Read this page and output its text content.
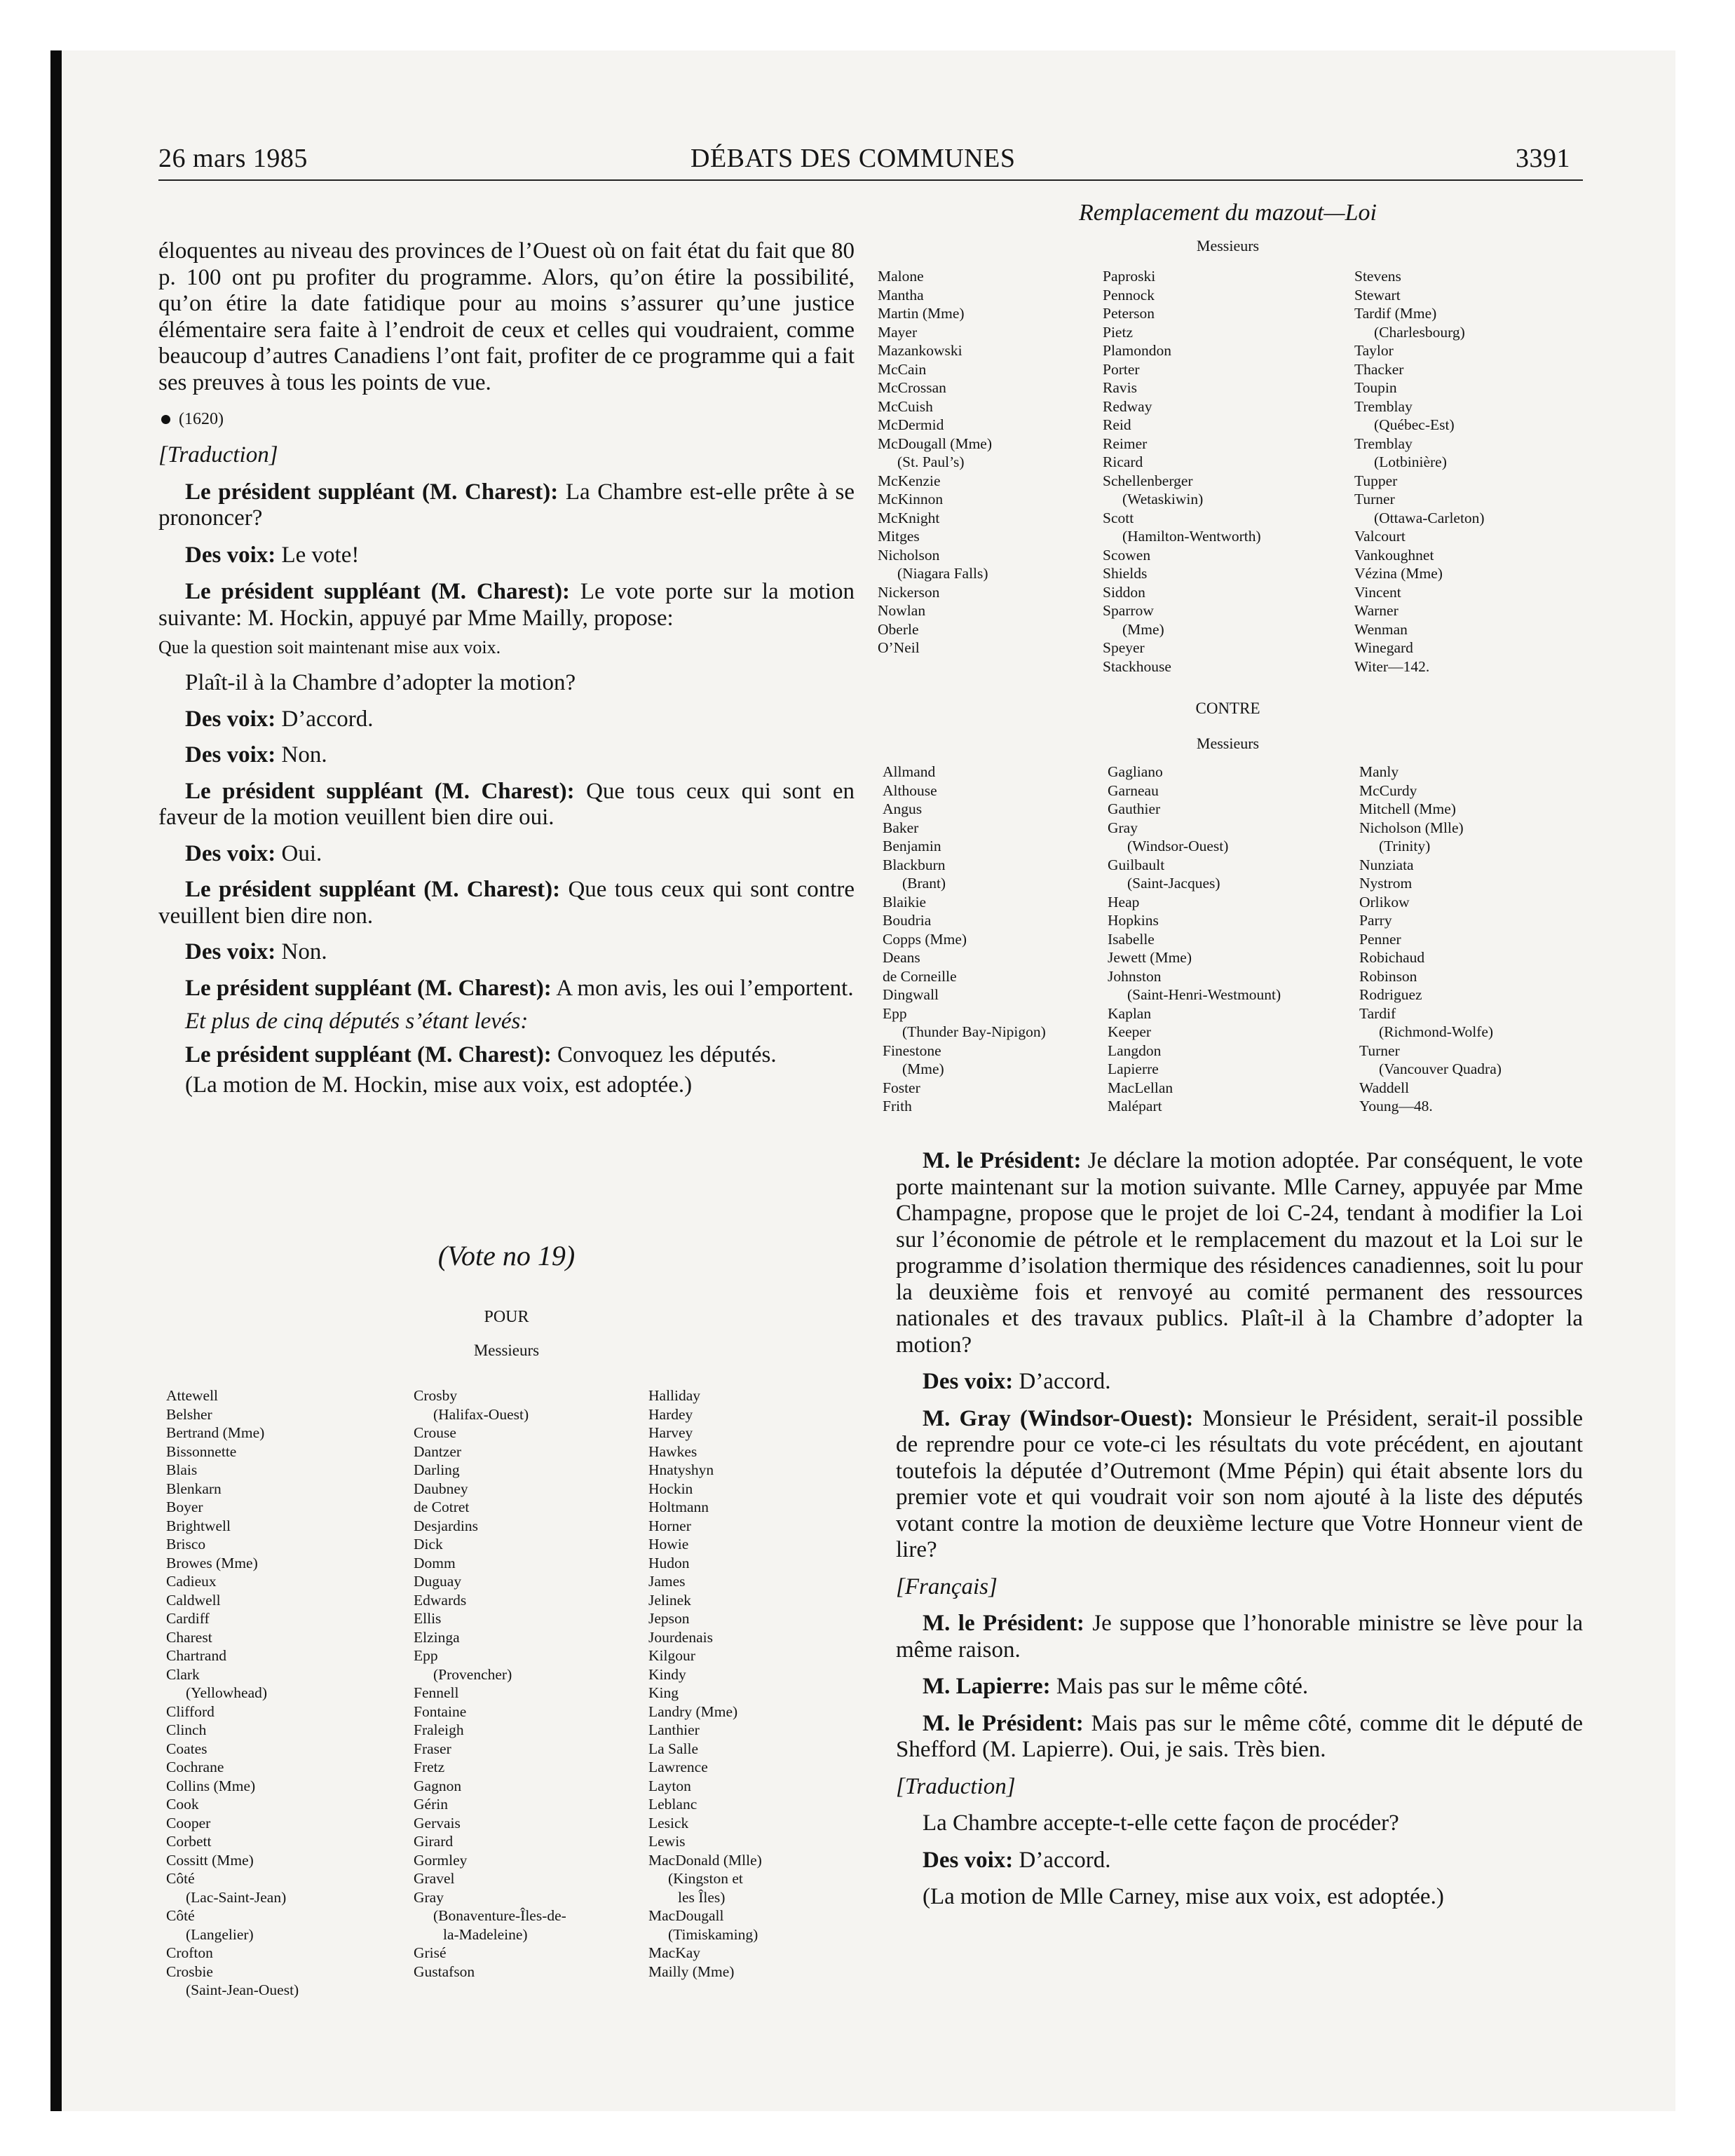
26 mars 1985	DÉBATS DES COMMUNES	3391

éloquentes au niveau des provinces de l’Ouest où on fait état du fait que 80 p. 100 ont pu profiter du programme. Alors, qu’on étire la possibilité, qu’on étire la date fatidique pour au moins s’assurer qu’une justice élémentaire sera faite à l’endroit de ceux et celles qui voudraient, comme beaucoup d’autres Canadiens l’ont fait, profiter de ce programme qui a fait ses preuves à tous les points de vue.

(1620)

[Traduction]

Le président suppléant (M. Charest): La Chambre est-elle prête à se prononcer?

Des voix: Le vote!

Le président suppléant (M. Charest): Le vote porte sur la motion suivante: M. Hockin, appuyé par Mme Mailly, propose:

Que la question soit maintenant mise aux voix.

Plaît-il à la Chambre d’adopter la motion?

Des voix: D’accord.

Des voix: Non.

Le président suppléant (M. Charest): Que tous ceux qui sont en faveur de la motion veuillent bien dire oui.

Des voix: Oui.

Le président suppléant (M. Charest): Que tous ceux qui sont contre veuillent bien dire non.

Des voix: Non.

Le président suppléant (M. Charest): A mon avis, les oui l’emportent.

Et plus de cinq députés s’étant levés:

Le président suppléant (M. Charest): Convoquez les députés.

(La motion de M. Hockin, mise aux voix, est adoptée.)

(Vote no 19)
POUR
Messieurs
Attewell
Belsher
Bertrand (Mme)
Bissonnette
Blais
Blenkarn
Boyer
Brightwell
Brisco
Browes (Mme)
Cadieux
Caldwell
Cardiff
Charest
Chartrand
Clark
(Yellowhead)
Clifford
Clinch
Coates
Cochrane
Collins (Mme)
Cook
Cooper
Corbett
Cossitt (Mme)
Côté
(Lac-Saint-Jean)
Côté
(Langelier)
Crofton
Crosbie
(Saint-Jean-Ouest)
Crosby
(Halifax-Ouest)
Crouse
Dantzer
Darling
Daubney
de Cotret
Desjardins
Dick
Domm
Duguay
Edwards
Ellis
Elzinga
Epp
(Provencher)
Fennell
Fontaine
Fraleigh
Fraser
Fretz
Gagnon
Gérin
Gervais
Girard
Gormley
Gravel
Gray
(Bonaventure-Îles-de-
la-Madeleine)
Grisé
Gustafson
Halliday
Hardey
Harvey
Hawkes
Hnatyshyn
Hockin
Holtmann
Horner
Howie
Hudon
James
Jelinek
Jepson
Jourdenais
Kilgour
Kindy
King
Landry (Mme)
Lanthier
La Salle
Lawrence
Layton
Leblanc
Lesick
Lewis
MacDonald (Mlle)
(Kingston et
les Îles)
MacDougall
(Timiskaming)
MacKay
Mailly (Mme)
Remplacement du mazout—Loi
Messieurs
Malone
Mantha
Martin (Mme)
Mayer
Mazankowski
McCain
McCrossan
McCuish
McDermid
McDougall (Mme)
(St. Paul’s)
McKenzie
McKinnon
McKnight
Mitges
Nicholson
(Niagara Falls)
Nickerson
Nowlan
Oberle
O’Neil
Paproski
Pennock
Peterson
Pietz
Plamondon
Porter
Ravis
Redway
Reid
Reimer
Ricard
Schellenberger
(Wetaskiwin)
Scott
(Hamilton-Wentworth)
Scowen
Shields
Siddon
Sparrow
(Mme)
Speyer
Stackhouse
Stevens
Stewart
Tardif (Mme)
(Charlesbourg)
Taylor
Thacker
Toupin
Tremblay
(Québec-Est)
Tremblay
(Lotbinière)
Tupper
Turner
(Ottawa-Carleton)
Valcourt
Vankoughnet
Vézina (Mme)
Vincent
Warner
Wenman
Winegard
Witer—142.
CONTRE
Messieurs
Allmand
Althouse
Angus
Baker
Benjamin
Blackburn
(Brant)
Blaikie
Boudria
Copps (Mme)
Deans
de Corneille
Dingwall
Epp
(Thunder Bay-Nipigon)
Finestone
(Mme)
Foster
Frith
Gagliano
Garneau
Gauthier
Gray
(Windsor-Ouest)
Guilbault
(Saint-Jacques)
Heap
Hopkins
Isabelle
Jewett (Mme)
Johnston
(Saint-Henri-Westmount)
Kaplan
Keeper
Langdon
Lapierre
MacLellan
Malépart
Manly
McCurdy
Mitchell (Mme)
Nicholson (Mlle)
(Trinity)
Nunziata
Nystrom
Orlikow
Parry
Penner
Robichaud
Robinson
Rodriguez
Tardif
(Richmond-Wolfe)
Turner
(Vancouver Quadra)
Waddell
Young—48.

M. le Président: Je déclare la motion adoptée. Par conséquent, le vote porte maintenant sur la motion suivante. Mlle Carney, appuyée par Mme Champagne, propose que le projet de loi C-24, tendant à modifier la Loi sur l’économie de pétrole et le remplacement du mazout et la Loi sur le programme d’isolation thermique des résidences canadiennes, soit lu pour la deuxième fois et renvoyé au comité permanent des ressources nationales et des travaux publics. Plaît-il à la Chambre d’adopter la motion?

Des voix: D’accord.

M. Gray (Windsor-Ouest): Monsieur le Président, serait-il possible de reprendre pour ce vote-ci les résultats du vote précédent, en ajoutant toutefois la députée d’Outremont (Mme Pépin) qui était absente lors du premier vote et qui voudrait voir son nom ajouté à la liste des députés votant contre la motion de deuxième lecture que Votre Honneur vient de lire?

[Français]

M. le Président: Je suppose que l’honorable ministre se lève pour la même raison.

M. Lapierre: Mais pas sur le même côté.

M. le Président: Mais pas sur le même côté, comme dit le député de Shefford (M. Lapierre). Oui, je sais. Très bien.

[Traduction]

La Chambre accepte-t-elle cette façon de procéder?

Des voix: D’accord.

(La motion de Mlle Carney, mise aux voix, est adoptée.)
